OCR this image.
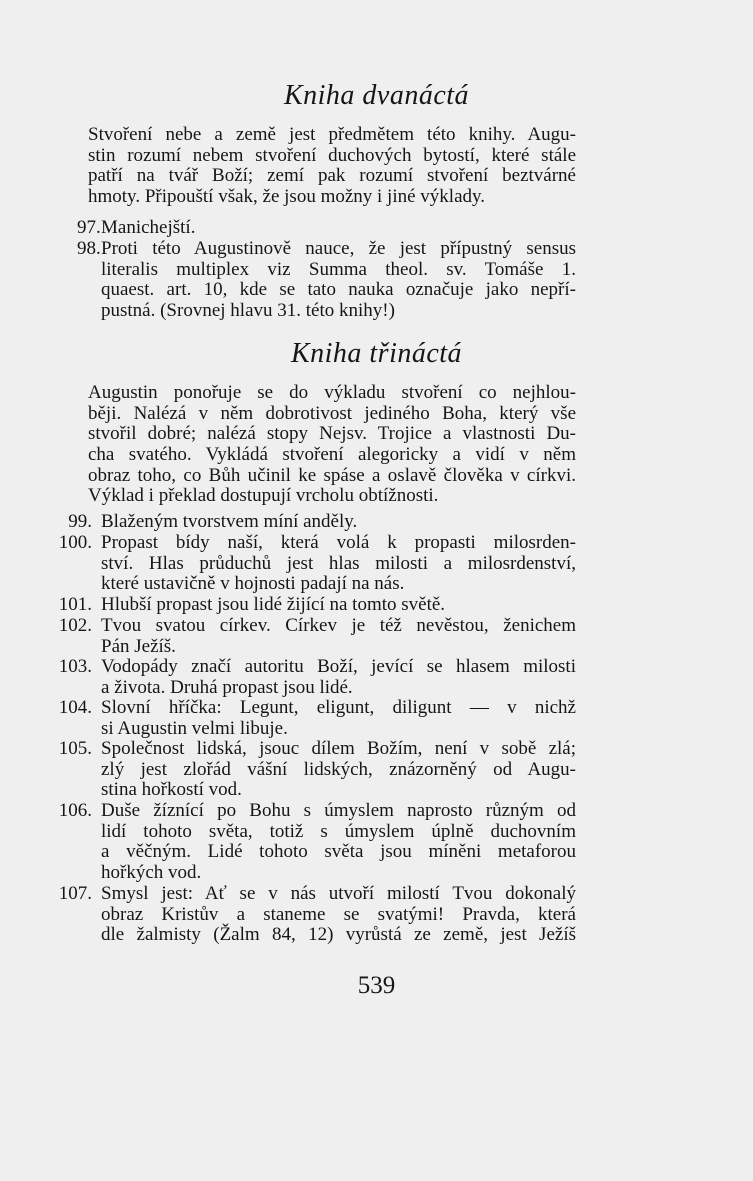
Kniha dvanáctá
Stvoření nebe a země jest předmětem této knihy. Augu-
stin rozumí nebem stvoření duchových bytostí, které stále
patří na tvář Boží; zemí pak rozumí stvoření beztvárné
hmoty. Připouští však, že jsou možny i jiné výklady.
97. Manichejští.
98. Proti této Augustinově nauce, že jest přípustný sensus
literalis multiplex viz Summa theol. sv. Tomáše 1.
quaest. art. 10, kde se tato nauka označuje jako nepří-
pustná. (Srovnej hlavu 31. této knihy!)
Kniha třináctá
Augustin ponořuje se do výkladu stvoření co nejhlou-
běji. Nalézá v něm dobrotivost jediného Boha, který vše
stvořil dobré; nalézá stopy Nejsv. Trojice a vlastnosti Du-
cha svatého. Vykládá stvoření alegoricky a vidí v něm
obraz toho, co Bůh učinil ke spáse a oslavě člověka v církvi.
Výklad i překlad dostupují vrcholu obtížnosti.
99. Blaženým tvorstvem míní anděly.
100. Propast bídy naší, která volá k propasti milosrden-
ství. Hlas průduchů jest hlas milosti a milosrdenství,
které ustavičně v hojnosti padají na nás.
101. Hlubší propast jsou lidé žijící na tomto světě.
102. Tvou svatou církev. Církev je též nevěstou, ženichem
Pán Ježíš.
103. Vodopády značí autoritu Boží, jevící se hlasem milosti
a života. Druhá propast jsou lidé.
104. Slovní hříčka: Legunt, eligunt, diligunt — v nichž
si Augustin velmi libuje.
105. Společnost lidská, jsouc dílem Božím, není v sobě zlá;
zlý jest zlořád vášní lidských, znázorněný od Augu-
stina hořkostí vod.
106. Duše žíznící po Bohu s úmyslem naprosto různým od
lidí tohoto světa, totiž s úmyslem úplně duchovním
a věčným. Lidé tohoto světa jsou míněni metaforou
hořkých vod.
107. Smysl jest: Ať se v nás utvoří milostí Tvou dokonalý
obraz Kristův a staneme se svatými! Pravda, která
dle žalmisty (Žalm 84, 12) vyrůstá ze země, jest Ježíš
539
